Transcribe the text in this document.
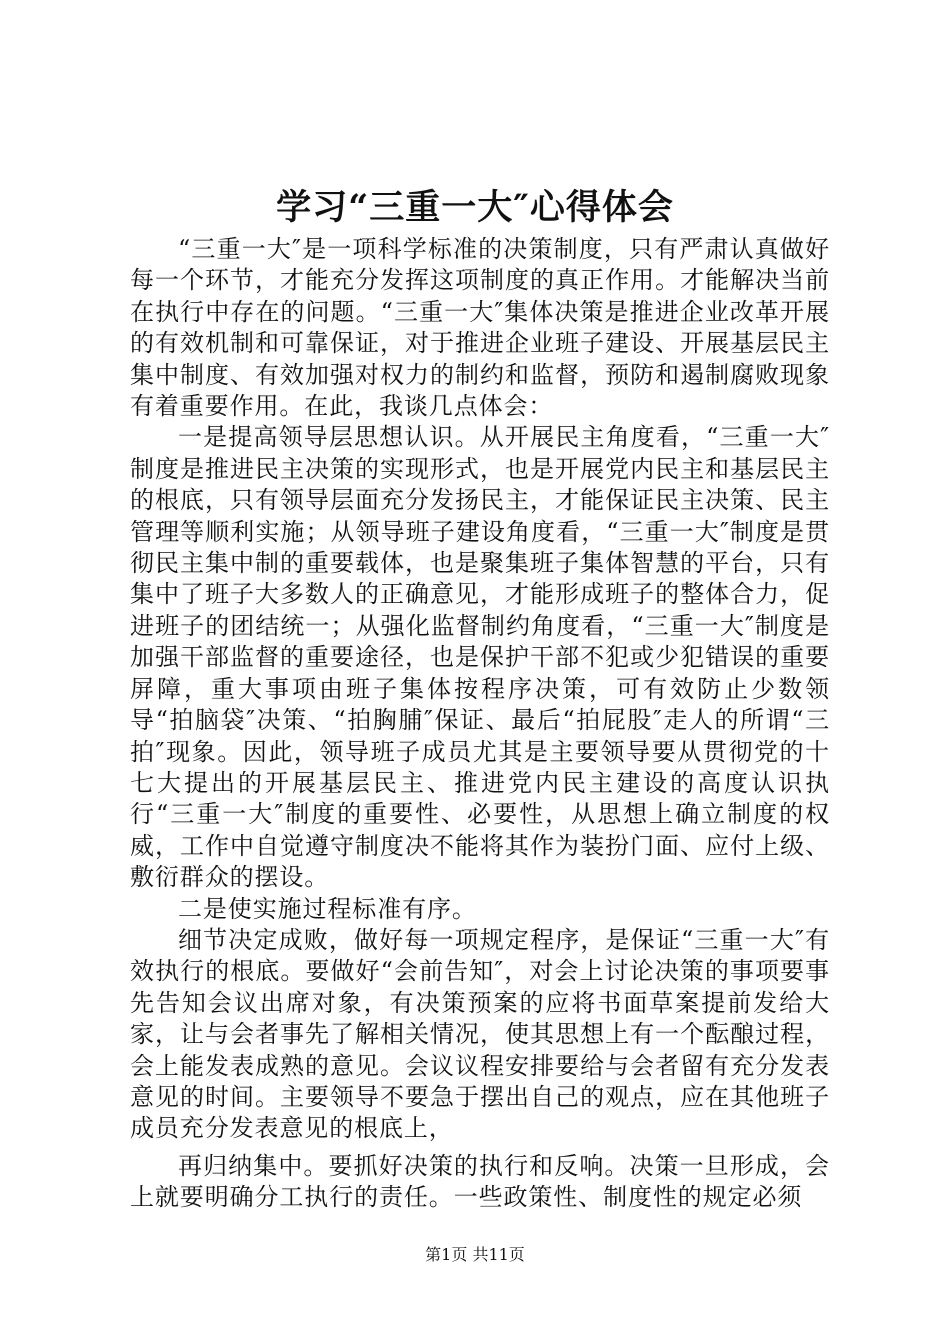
学习“三重一大″心得体会

“三重一大″是一项科学标准的决策制度，只有严肃认真做好每一个环节，才能充分发挥这项制度的真正作用。才能解决当前在执行中存在的问题。“三重一大″集体决策是推进企业改革开展的有效机制和可靠保证，对于推进企业班子建设、开展基层民主集中制度、有效加强对权力的制约和监督，预防和遏制腐败现象有着重要作用。在此，我谈几点体会：

一是提高领导层思想认识。从开展民主角度看，“三重一大″制度是推进民主决策的实现形式，也是开展党内民主和基层民主的根底，只有领导层面充分发扬民主，才能保证民主决策、民主管理等顺利实施；从领导班子建设角度看，“三重一大″制度是贯彻民主集中制的重要载体，也是聚集班子集体智慧的平台，只有集中了班子大多数人的正确意见，才能形成班子的整体合力，促进班子的团结统一；从强化监督制约角度看，“三重一大″制度是加强干部监督的重要途径，也是保护干部不犯或少犯错误的重要屏障，重大事项由班子集体按程序决策，可有效防止少数领导“拍脑袋″决策、“拍胸脯″保证、最后“拍屁股″走人的所谓“三拍″现象。因此，领导班子成员尤其是主要领导要从贯彻党的十七大提出的开展基层民主、推进党内民主建设的高度认识执行“三重一大″制度的重要性、必要性，从思想上确立制度的权威，工作中自觉遵守制度决不能将其作为装扮门面、应付上级、敷衍群众的摆设。

二是使实施过程标准有序。

细节决定成败，做好每一项规定程序，是保证“三重一大″有效执行的根底。要做好“会前告知″，对会上讨论决策的事项要事先告知会议出席对象，有决策预案的应将书面草案提前发给大家，让与会者事先了解相关情况，使其思想上有一个酝酿过程，会上能发表成熟的意见。会议议程安排要给与会者留有充分发表意见的时间。主要领导不要急于摆出自己的观点，应在其他班子成员充分发表意见的根底上，

再归纳集中。要抓好决策的执行和反响。决策一旦形成，会上就要明确分工执行的责任。一些政策性、制度性的规定必须

第1页 共11页
